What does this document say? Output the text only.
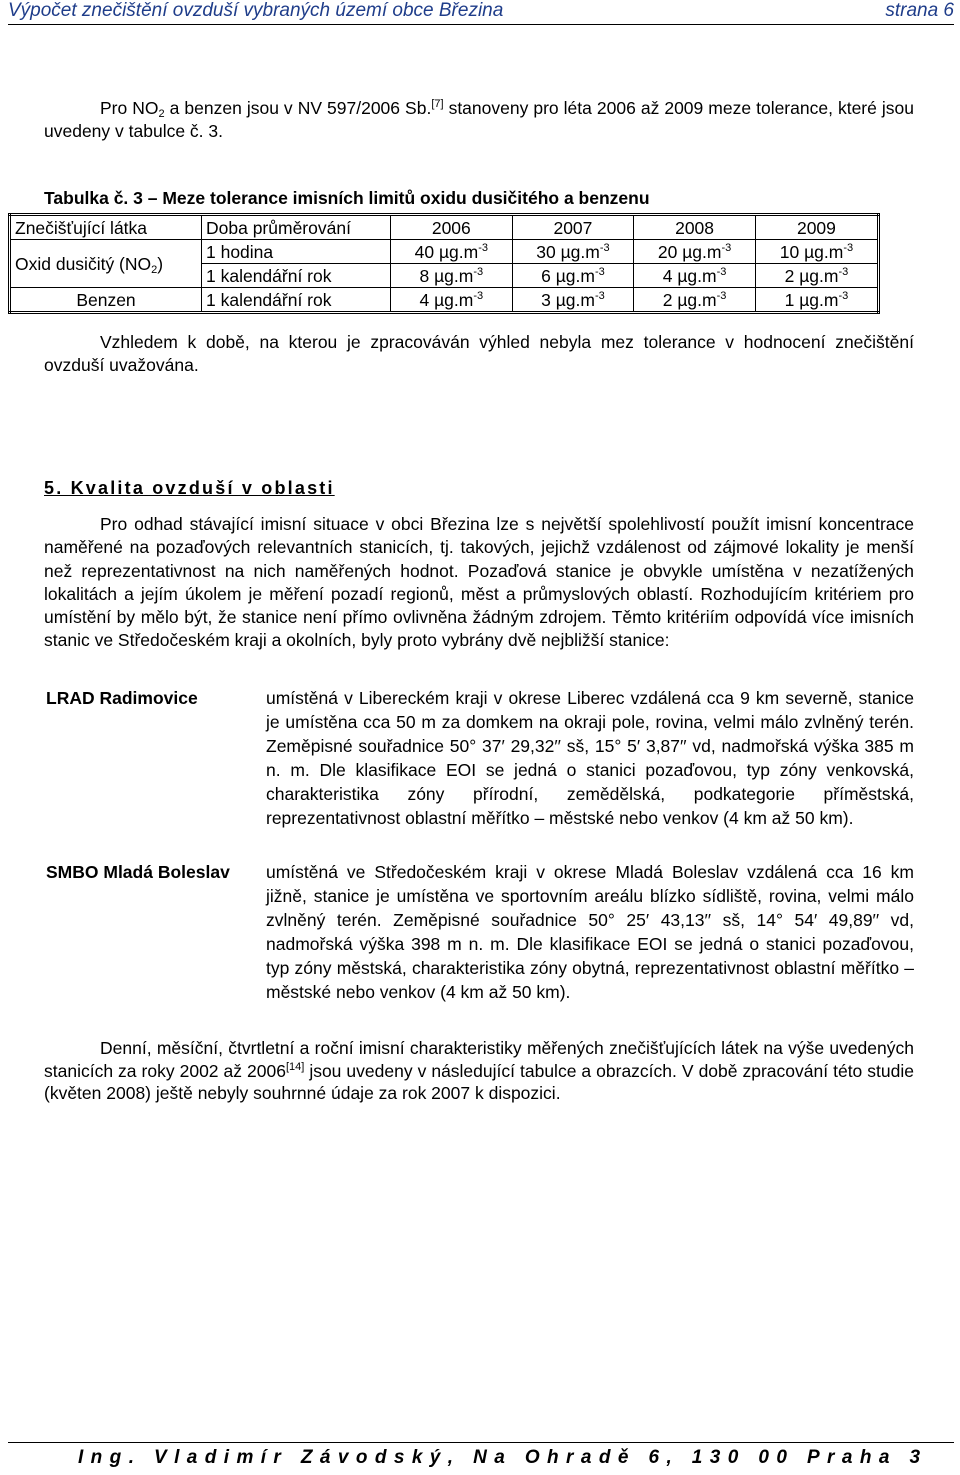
Výpočet znečištění ovzduší vybraných území obce Březina	strana 6
Pro $NO_2$ a benzen jsou v NV 597/2006 Sb.[7] stanoveny pro léta 2006 až 2009 meze tolerance, které jsou uvedeny v tabulce č. 3.
Tabulka č. 3 – Meze tolerance imisních limitů oxidu dusičitého a benzenu
Znečišťující látka	Doba průměrování	2006	2007	2008	2009
Oxid dusičitý $(NO_2)$	1 hodina	40 $\mu g.m^{-3}$	30 $\mu g.m^{-3}$	20 $\mu g.m^{-3}$	10 $\mu g.m^{-3}$
	1 kalendářní rok	8 $\mu g.m^{-3}$	6 $\mu g.m^{-3}$	4 $\mu g.m^{-3}$	2 $\mu g.m^{-3}$
Benzen	1 kalendářní rok	4 $\mu g.m^{-3}$	3 $\mu g.m^{-3}$	2 $\mu g.m^{-3}$	1 $\mu g.m^{-3}$
Vzhledem k době, na kterou je zpracováván výhled nebyla mez tolerance v hodnocení znečištění ovzduší uvažována.
5. Kvalita ovzduší v oblasti
Pro odhad stávající imisní situace v obci Březina lze s největší spolehlivostí použít imisní koncentrace naměřené na pozaďových relevantních stanicích, tj. takových, jejichž vzdálenost od zájmové lokality je menší než reprezentativnost na nich naměřených hodnot. Pozaďová stanice je obvykle umístěna v nezatížených lokalitách a jejím úkolem je měření pozadí regionů, měst a průmyslových oblastí. Rozhodujícím kritériem pro umístění by mělo být, že stanice není přímo ovlivněna žádným zdrojem. Těmto kritériím odpovídá více imisních stanic ve Středočeském kraji a okolních, byly proto vybrány dvě nejbližší stanice:
LRAD Radimovice	umístěná v Libereckém kraji v okrese Liberec vzdálená cca 9 km severně, stanice je umístěna cca 50 m za domkem na okraji pole, rovina, velmi málo zvlněný terén. Zeměpisné souřadnice 50° 37′ 29,32′′ sš, 15° 5′ 3,87′′ vd, nadmořská výška 385 m n. m. Dle klasifikace EOI se jedná o stanici pozaďovou, typ zóny venkovská, charakteristika zóny přírodní, zemědělská, podkategorie příměstská, reprezentativnost oblastní měřítko – městské nebo venkov (4 km až 50 km).
SMBO Mladá Boleslav umístěná ve Středočeském kraji v okrese Mladá Boleslav vzdálená cca 16 km jižně, stanice je umístěna ve sportovním areálu blízko sídliště, rovina, velmi málo zvlněný terén. Zeměpisné souřadnice 50° 25′ 43,13′′ sš, 14° 54′ 49,89′′ vd, nadmořská výška 398 m n. m. Dle klasifikace EOI se jedná o stanici pozaďovou, typ zóny městská, charakteristika zóny obytná, reprezentativnost oblastní měřítko – městské nebo venkov (4 km až 50 km).
Denní, měsíční, čtvrtletní a roční imisní charakteristiky měřených znečišťujících látek na výše uvedených stanicích za roky 2002 až 2006[14] jsou uvedeny v následující tabulce a obrazcích. V době zpracování této studie (květen 2008) ještě nebyly souhrnné údaje za rok 2007 k dispozici.
Ing. Vladimír Závodský, Na Ohradě 6, 130 00 Praha 3
